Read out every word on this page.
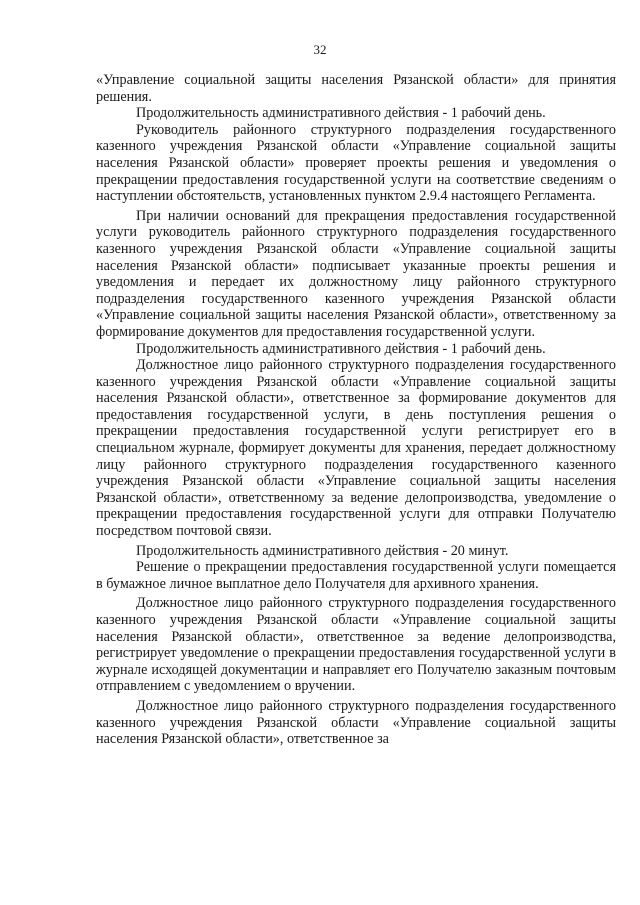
32

«Управление социальной защиты населения Рязанской области» для принятия решения.

Продолжительность административного действия - 1 рабочий день.

Руководитель районного структурного подразделения государственного казенного учреждения Рязанской области «Управление социальной защиты населения Рязанской области» проверяет проекты решения и уведомления о прекращении предоставления государственной услуги на соответствие сведениям о наступлении обстоятельств, установленных пунктом 2.9.4 настоящего Регламента.

При наличии оснований для прекращения предоставления государственной услуги руководитель районного структурного подразделения государственного казенного учреждения Рязанской области «Управление социальной защиты населения Рязанской области» подписывает указанные проекты решения и уведомления и передает их должностному лицу районного структурного подразделения государственного казенного учреждения Рязанской области «Управление социальной защиты населения Рязанской области», ответственному за формирование документов для предоставления государственной услуги.

Продолжительность административного действия - 1 рабочий день.

Должностное лицо районного структурного подразделения государственного казенного учреждения Рязанской области «Управление социальной защиты населения Рязанской области», ответственное за формирование документов для предоставления государственной услуги, в день поступления решения о прекращении предоставления государственной услуги регистрирует его в специальном журнале, формирует документы для хранения, передает должностному лицу районного структурного подразделения государственного казенного учреждения Рязанской области «Управление социальной защиты населения Рязанской области», ответственному за ведение делопроизводства, уведомление о прекращении предоставления государственной услуги для отправки Получателю посредством почтовой связи.

Продолжительность административного действия - 20 минут.

Решение о прекращении предоставления государственной услуги помещается в бумажное личное выплатное дело Получателя для архивного хранения.

Должностное лицо районного структурного подразделения государственного казенного учреждения Рязанской области «Управление социальной защиты населения Рязанской области», ответственное за ведение делопроизводства, регистрирует уведомление о прекращении предоставления государственной услуги в журнале исходящей документации и направляет его Получателю заказным почтовым отправлением с уведомлением о вручении.

Должностное лицо районного структурного подразделения государственного казенного учреждения Рязанской области «Управление социальной защиты населения Рязанской области», ответственное за
